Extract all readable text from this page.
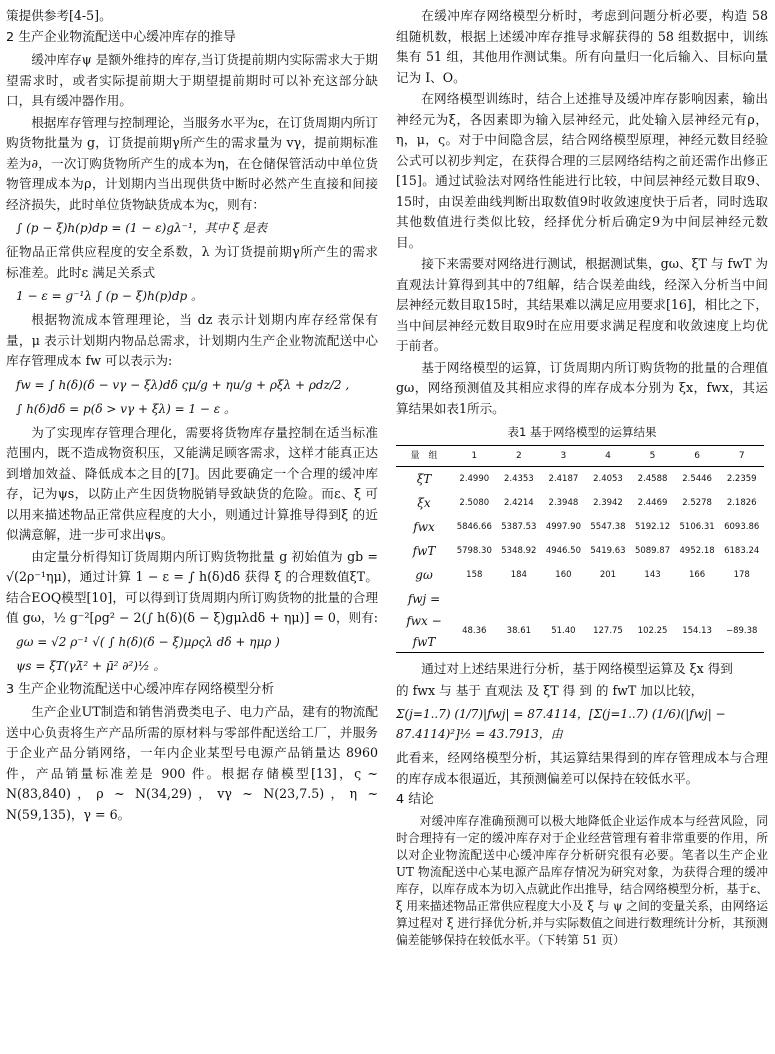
策提供参考[4-5]。

2 生产企业物流配送中心缓冲库存的推导

缓冲库存ψ 是额外维持的库存,当订货提前期内实际需求大于期望需求时，或者实际提前期大于期望提前期时可以补充这部分缺口，具有缓冲器作用。

根据库存管理与控制理论，当服务水平为ε，在订货周期内所订购货物批量为 g，订货提前期γ所产生的需求量为 vγ，提前期标准差为∂，一次订购货物所产生的成本为η，在仓储保管活动中单位货物管理成本为ρ，计划期内当出现供货中断时必然产生直接和间接经济损失，此时单位货物缺货成本为ς，则有：

∫ (p − ξ)h(p)dp = (1 − ε)gλ⁻¹，其中 ξ 是表

征物品正常供应程度的安全系数，λ 为订货提前期γ所产生的需求标准差。此时ε 满足关系式

1 − ε = g⁻¹λ ∫ (p − ξ)h(p)dp 。

根据物流成本管理理论，当 dz 表示计划期内库存经常保有量，μ 表示计划期内物品总需求，计划期内生产企业物流配送中心库存管理成本 fw 可以表示为:

fw = ∫ h(δ)(δ − vγ − ξλ)dδ ςμ/g + ηu/g + ρξλ + ρdz/2 ,
∫ h(δ)dδ = p(δ > vγ + ξλ) = 1 − ε 。

为了实现库存管理合理化，需要将货物库存量控制在适当标准范围内，既不造成物资积压，又能满足顾客需求，这样才能真正达到增加效益、降低成本之目的[7]。因此要确定一个合理的缓冲库存，记为ψs，以防止产生因货物脱销导致缺货的危险。而ε、ξ 可以用来描述物品正常供应程度的大小，则通过计算推导得到ξ 的近似满意解，进一步可求出ψs。

由定量分析得知订货周期内所订购货物批量 g 初始值为 gb = √(2ρ⁻¹ημ)，通过计算 1 − ε = ∫ h(δ)dδ 获得 ξ 的合理数值ξT。结合EOQ模型[10]，可以得到订货周期内所订购货物的批量的合理值 gω，½ g⁻²[ρg² − 2(∫ h(δ)(δ − ξ)gμλdδ + ημ)] = 0，则有:

gω = √2 ρ⁻¹ √( ∫ h(δ)(δ − ξ)μρςλ dδ + ημρ )
ψs = ξT(γλ̄² + μ̄² ∂²)½ 。
3 生产企业物流配送中心缓冲库存网络模型分析

生产企业UT制造和销售消费类电子、电力产品，建有的物流配送中心负责将生产产品所需的原材料与零部件配送给工厂，并服务于企业产品分销网络，一年内企业某型号电源产品销量达 8960 件，产品销量标准差是 900 件。根据存储模型[13]，ς ~ N(83,840)，ρ ~ N(34,29)，vγ ~ N(23,7.5)，η ~ N(59,135)，γ = 6。

在缓冲库存网络模型分析时，考虑到问题分析必要，构造 58 组随机数，根据上述缓冲库存推导求解获得的 58 组数据中，训练集有 51 组，其他用作测试集。所有向量归一化后输入、目标向量记为 I、O。

在网络模型训练时，结合上述推导及缓冲库存影响因素，输出神经元为ξ，各因素即为输入层神经元，此处输入层神经元有ρ，η，μ，ς。对于中间隐含层，结合网络模型原理，神经元数目经验公式可以初步判定，在获得合理的三层网络结构之前还需作出修正[15]。通过试验法对网络性能进行比较，中间层神经元数目取9、15时，由误差曲线判断出取数值9时收敛速度快于后者，同时选取其他数值进行类似比较，经择优分析后确定9为中间层神经元数目。

接下来需要对网络进行测试，根据测试集，gω、ξT 与 fwT 为直观法计算得到其中的7组解，结合误差曲线，经深入分析当中间层神经元数目取15时，其结果难以满足应用要求[16]，相比之下，当中间层神经元数目取9时在应用要求满足程度和收敛速度上均优于前者。

基于网络模型的运算，订货周期内所订购货物的批量的合理值 gω，网络预测值及其相应求得的库存成本分别为 ξx，fwx，其运算结果如表1所示。

表1 基于网络模型的运算结果
量　组	1	2	3	4	5	6	7
ξT	2.4990	2.4353	2.4187	2.4053	2.4588	2.5446	2.2359
ξx	2.5080	2.4214	2.3948	2.3942	2.4469	2.5278	2.1826
fwx	5846.66	5387.53	4997.90	5547.38	5192.12	5106.31	6093.86
fwT	5798.30	5348.92	4946.50	5419.63	5089.87	4952.18	6183.24
gω	158	184	160	201	143	166	178
fwj =							
fwx − fwT	48.36	38.61	51.40	127.75	102.25	154.13	−89.38

通过对上述结果进行分析，基于网络模型运算及 ξx 得到

的 fwx 与 基于 直观法 及 ξT 得 到 的 fwT 加以比较，

Σ(j=1..7) (1/7)|fwj| = 87.4114，[Σ(j=1..7) (1/6)(|fwj| − 87.4114)²]½ = 43.7913，由

此看来，经网络模型分析，其运算结果得到的库存管理成本与合理的库存成本很逼近，其预测偏差可以保持在较低水平。

4 结论

对缓冲库存准确预测可以极大地降低企业运作成本与经营风险，同时合理持有一定的缓冲库存对于企业经营管理有着非常重要的作用，所以对企业物流配送中心缓冲库存分析研究很有必要。笔者以生产企业 UT 物流配送中心某电源产品库存情况为研究对象，为获得合理的缓冲库存，以库存成本为切入点就此作出推导，结合网络模型分析，基于ε、ξ 用来描述物品正常供应程度大小及 ξ 与 ψ 之间的变量关系，由网络运算过程对 ξ 进行择优分析,并与实际数值之间进行数理统计分析，其预测偏差能够保持在较低水平。（下转第 51 页）
